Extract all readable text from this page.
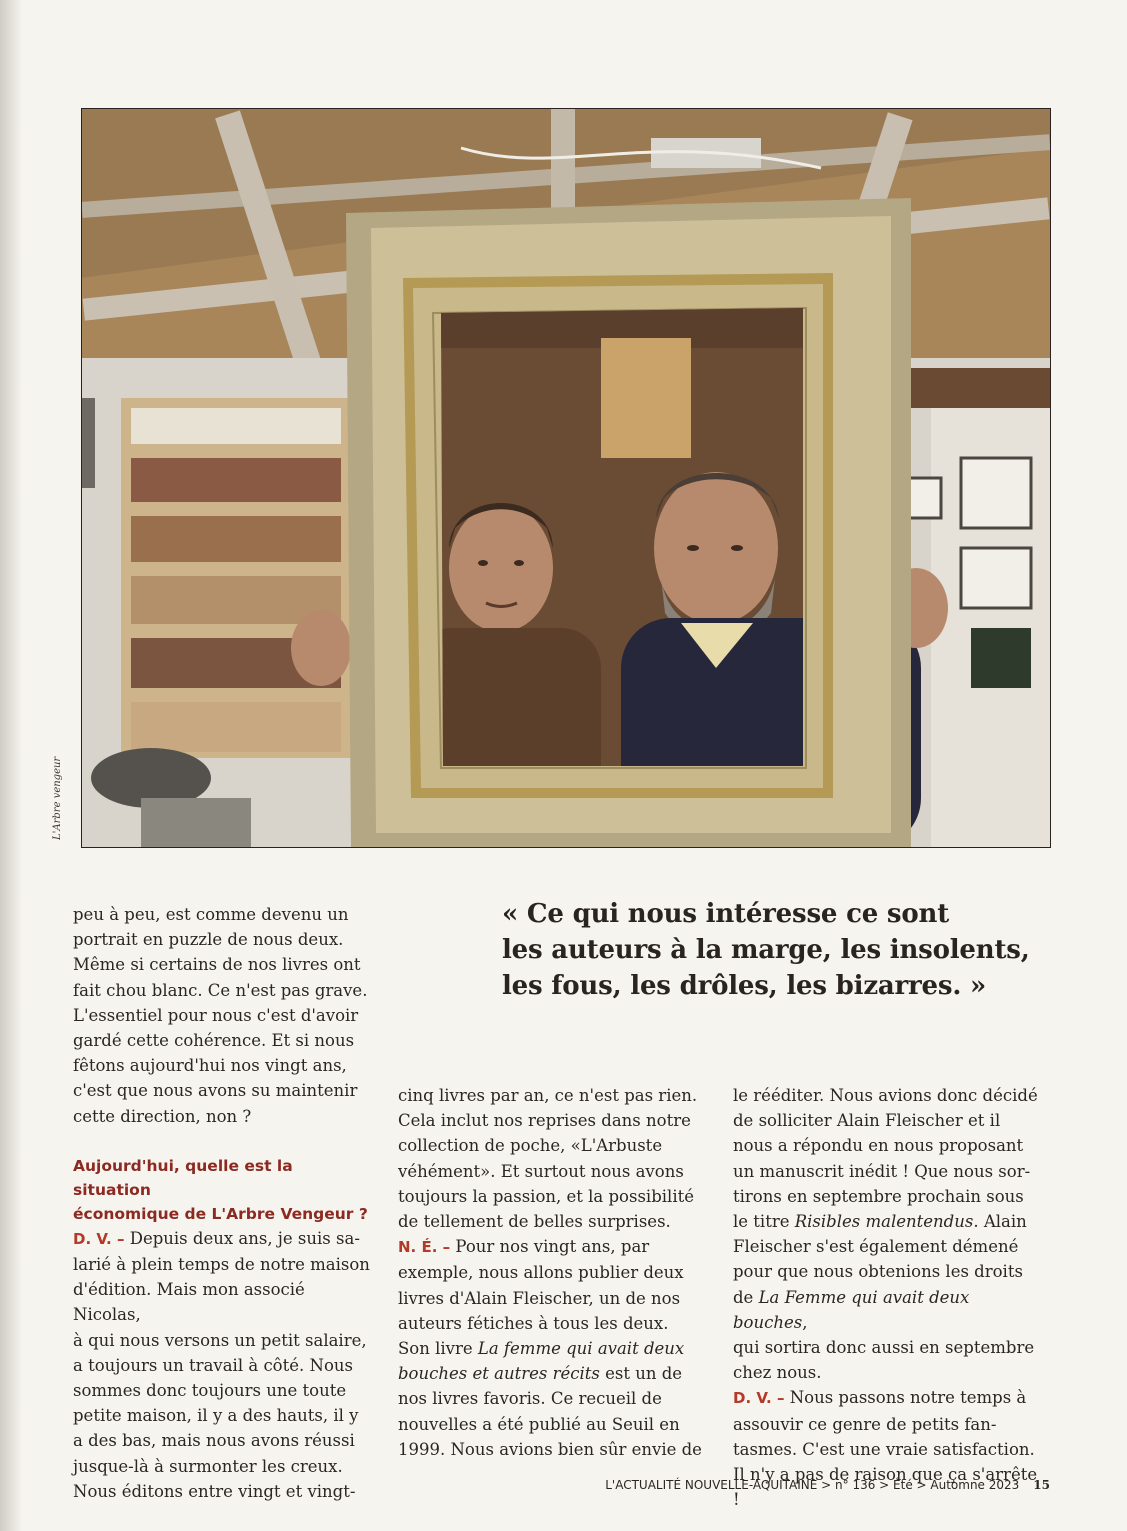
L'Arbre vengeur
« Ce qui nous intéresse ce sont
les auteurs à la marge, les insolents,
les fous, les drôles, les bizarres. »

peu à peu, est comme devenu un

portrait en puzzle de nous deux.

Même si certains de nos livres ont

fait chou blanc. Ce n'est pas grave.

L'essentiel pour nous c'est d'avoir

gardé cette cohérence. Et si nous

fêtons aujourd'hui nos vingt ans,

c'est que nous avons su maintenir

cette direction, non ?

Aujourd'hui, quelle est la situation
économique de L'Arbre Vengeur ?

D. V. – Depuis deux ans, je suis sa-

larié à plein temps de notre maison

d'édition. Mais mon associé Nicolas,

à qui nous versons un petit salaire,

a toujours un travail à côté. Nous

sommes donc toujours une toute

petite maison, il y a des hauts, il y

a des bas, mais nous avons réussi

jusque-là à surmonter les creux.

Nous éditons entre vingt et vingt-

cinq livres par an, ce n'est pas rien.

Cela inclut nos reprises dans notre

collection de poche, «L'Arbuste

véhément». Et surtout nous avons

toujours la passion, et la possibilité

de tellement de belles surprises.

N. É. – Pour nos vingt ans, par

exemple, nous allons publier deux

livres d'Alain Fleischer, un de nos

auteurs fétiches à tous les deux.

Son livre La femme qui avait deux

bouches et autres récits est un de

nos livres favoris. Ce recueil de

nouvelles a été publié au Seuil en

1999. Nous avions bien sûr envie de

le rééditer. Nous avions donc décidé

de solliciter Alain Fleischer et il

nous a répondu en nous proposant

un manuscrit inédit ! Que nous sor-

tirons en septembre prochain sous

le titre Risibles malentendus. Alain

Fleischer s'est également démené

pour que nous obtenions les droits

de La Femme qui avait deux bouches,

qui sortira donc aussi en septembre

chez nous.

D. V. – Nous passons notre temps à

assouvir ce genre de petits fan-

tasmes. C'est une vraie satisfaction.

Il n'y a pas de raison que ça s'arrête !

L'ACTUALITÉ NOUVELLE-AQUITAINE > n° 136 > Été > Automne 2023 15
